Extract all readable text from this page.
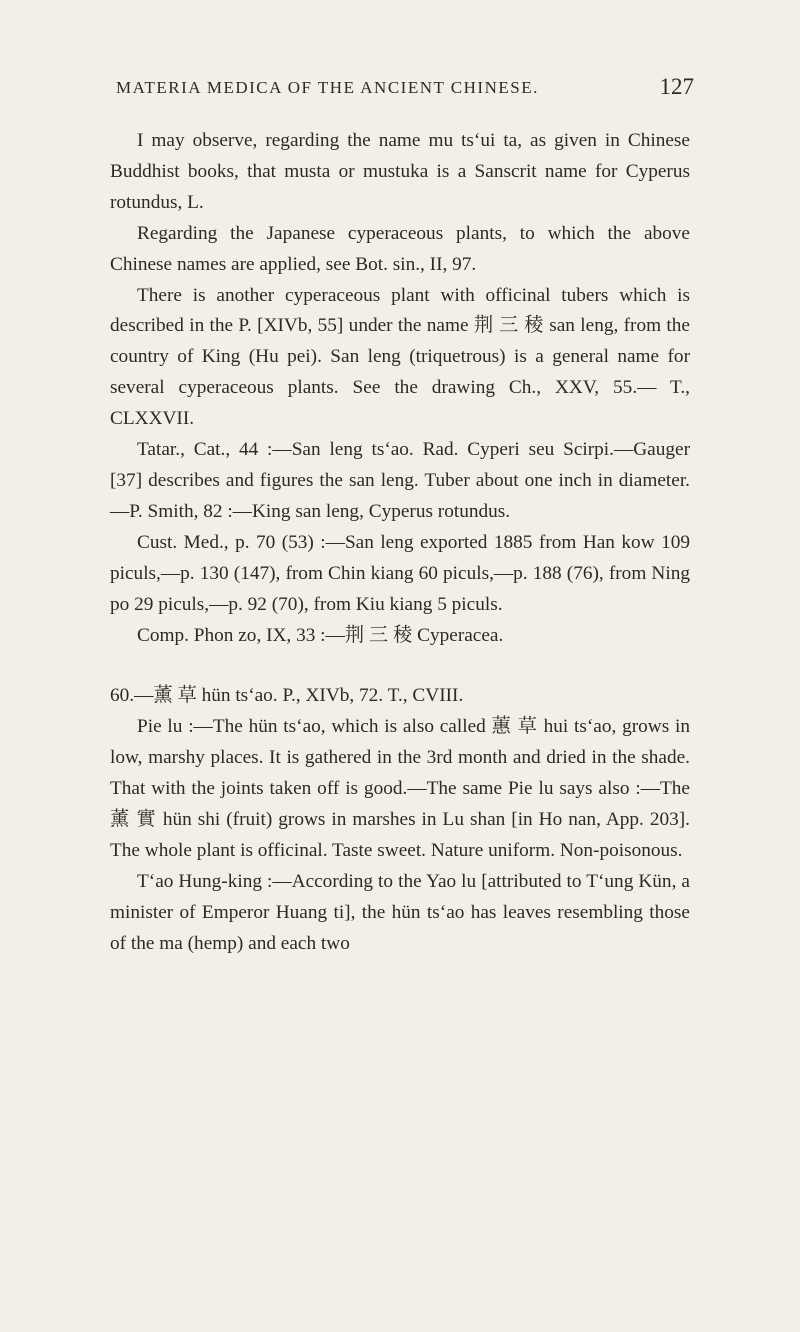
MATERIA MEDICA OF THE ANCIENT CHINESE.	127

I may observe, regarding the name mu ts‘ui ta, as given in Chinese Buddhist books, that musta or mustuka is a Sanscrit name for Cyperus rotundus, L.

Regarding the Japanese cyperaceous plants, to which the above Chinese names are applied, see Bot. sin., II, 97.

There is another cyperaceous plant with officinal tubers which is described in the P. [XIVb, 55] under the name 荆 三 稜 san leng, from the country of King (Hu pei). San leng (triquetrous) is a general name for several cyperaceous plants. See the drawing Ch., XXV, 55.— T., CLXXVII.

Tatar., Cat., 44 :—San leng ts‘ao. Rad. Cyperi seu Scirpi.—Gauger [37] describes and figures the san leng. Tuber about one inch in diameter.—P. Smith, 82 :—King san leng, Cyperus rotundus.

Cust. Med., p. 70 (53) :—San leng exported 1885 from Han kow 109 piculs,—p. 130 (147), from Chin kiang 60 piculs,—p. 188 (76), from Ning po 29 piculs,—p. 92 (70), from Kiu kiang 5 piculs.

Comp. Phon zo, IX, 33 :—荆 三 稜 Cyperacea.

60.—薰 草 hün ts‘ao. P., XIVb, 72. T., CVIII.

Pie lu :—The hün ts‘ao, which is also called 蕙 草 hui ts‘ao, grows in low, marshy places. It is gathered in the 3rd month and dried in the shade. That with the joints taken off is good.—The same Pie lu says also :—The 薰 實 hün shi (fruit) grows in marshes in Lu shan [in Ho nan, App. 203]. The whole plant is officinal. Taste sweet. Nature uniform. Non-poisonous.

T‘ao Hung-king :—According to the Yao lu [attributed to T‘ung Kün, a minister of Emperor Huang ti], the hün ts‘ao has leaves resembling those of the ma (hemp) and each two
